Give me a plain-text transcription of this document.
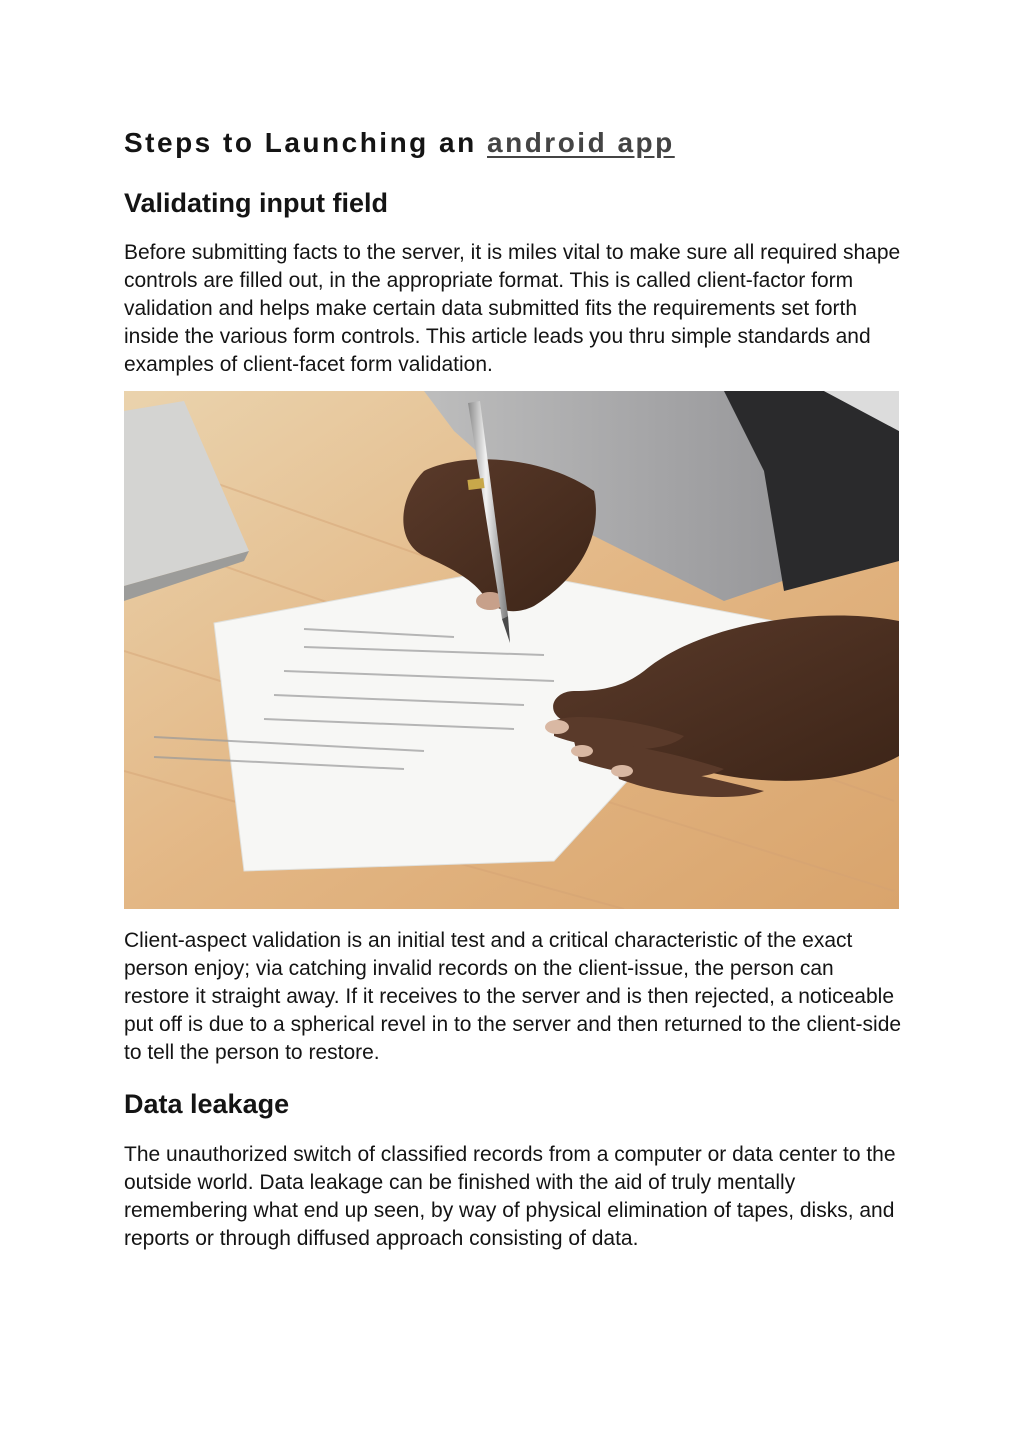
Steps to Launching an android app
Validating input field

Before submitting facts to the server, it is miles vital to make sure all required shape controls are filled out, in the appropriate format. This is called client-factor form validation and helps make certain data submitted fits the requirements set forth inside the various form controls. This article leads you thru simple standards and examples of client-facet form validation.

Client-aspect validation is an initial test and a critical characteristic of the exact person enjoy; via catching invalid records on the client-issue, the person can restore it straight away. If it receives to the server and is then rejected, a noticeable put off is due to a spherical revel in to the server and then returned to the client-side to tell the person to restore.

Data leakage

The unauthorized switch of classified records from a computer or data center to the outside world. Data leakage can be finished with the aid of truly mentally remembering what end up seen, by way of physical elimination of tapes, disks, and reports or through diffused approach consisting of data.
